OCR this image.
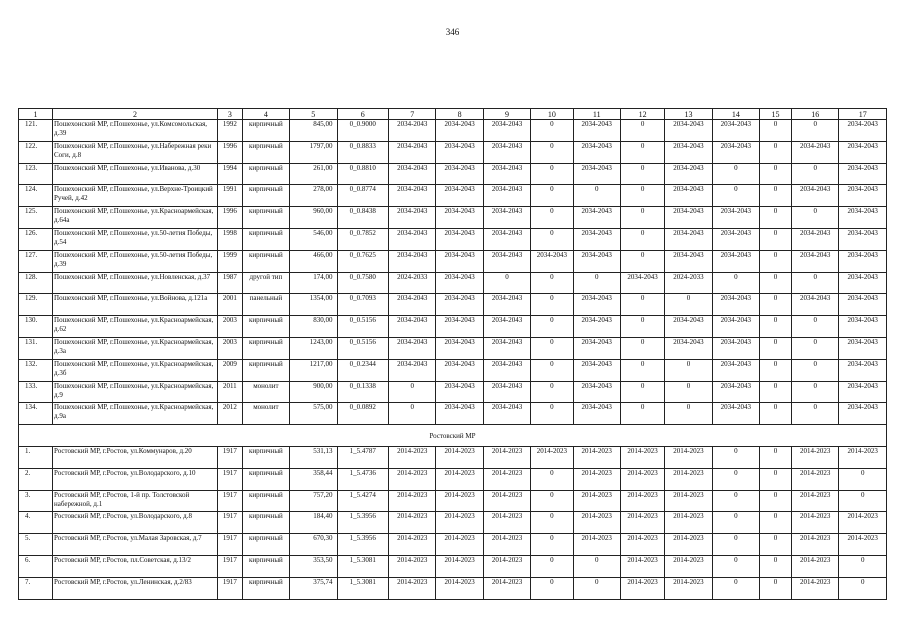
346
1	2	3	4	5	6	7	8	9	10	11	12	13	14	15	16	17
121.	Пошехонский МР, г.Пошехонье, ул.Комсомольская, д.39	1992	кирпичный	845,00	0_0.9000	2034-2043	2034-2043	2034-2043	0	2034-2043	0	2034-2043	2034-2043	0	0	2034-2043
122.	Пошехонский МР, г.Пошехонье, ул.Набережная реки Соги, д.8	1996	кирпичный	1797,00	0_0.8833	2034-2043	2034-2043	2034-2043	0	2034-2043	0	2034-2043	2034-2043	0	2034-2043	2034-2043
123.	Пошехонский МР, г.Пошехонье, ул.Иванова, д.30	1994	кирпичный	261,00	0_0.8810	2034-2043	2034-2043	2034-2043	0	2034-2043	0	2034-2043	0	0	0	2034-2043
124.	Пошехонский МР, г.Пошехонье, ул.Верхне-Троицкий Ручей, д.42	1991	кирпичный	278,00	0_0.8774	2034-2043	2034-2043	2034-2043	0	0	0	2034-2043	0	0	2034-2043	2034-2043
125.	Пошехонский МР, г.Пошехонье, ул.Красноармейская, д.64а	1996	кирпичный	960,00	0_0.8438	2034-2043	2034-2043	2034-2043	0	2034-2043	0	2034-2043	2034-2043	0	0	2034-2043
126.	Пошехонский МР, г.Пошехонье, ул.50-летия Победы, д.54	1998	кирпичный	546,00	0_0.7852	2034-2043	2034-2043	2034-2043	0	2034-2043	0	2034-2043	2034-2043	0	2034-2043	2034-2043
127.	Пошехонский МР, г.Пошехонье, ул.50-летия Победы, д.39	1999	кирпичный	466,00	0_0.7625	2034-2043	2034-2043	2034-2043	2034-2043	2034-2043	0	2034-2043	2034-2043	0	2034-2043	2034-2043
128.	Пошехонский МР, г.Пошехонье, ул.Новленская, д.37	1987	другой тип	174,00	0_0.7580	2024-2033	2034-2043	0	0	0	2034-2043	2024-2033	0	0	0	2034-2043
129.	Пошехонский МР, г.Пошехонье, ул.Войнова, д.121а	2001	панельный	1354,00	0_0.7093	2034-2043	2034-2043	2034-2043	0	2034-2043	0	0	2034-2043	0	2034-2043	2034-2043
130.	Пошехонский МР, г.Пошехонье, ул.Красноармейская, д.62	2003	кирпичный	830,00	0_0.5156	2034-2043	2034-2043	2034-2043	0	2034-2043	0	2034-2043	2034-2043	0	0	2034-2043
131.	Пошехонский МР, г.Пошехонье, ул.Красноармейская, д.3а	2003	кирпичный	1243,00	0_0.5156	2034-2043	2034-2043	2034-2043	0	2034-2043	0	2034-2043	2034-2043	0	0	2034-2043
132.	Пошехонский МР, г.Пошехонье, ул.Красноармейская, д.3б	2009	кирпичный	1217,00	0_0.2344	2034-2043	2034-2043	2034-2043	0	2034-2043	0	0	2034-2043	0	0	2034-2043
133.	Пошехонский МР, г.Пошехонье, ул.Красноармейская, д.9	2011	монолит	900,00	0_0.1338	0	2034-2043	2034-2043	0	2034-2043	0	0	2034-2043	0	0	2034-2043
134.	Пошехонский МР, г.Пошехонье, ул.Красноармейская, д.9а	2012	монолит	575,00	0_0.0892	0	2034-2043	2034-2043	0	2034-2043	0	0	2034-2043	0	0	2034-2043
Ростовский МР																
1.	Ростовский МР, г.Ростов, ул.Коммунаров, д.20	1917	кирпичный	531,13	1_5.4787	2014-2023	2014-2023	2014-2023	2014-2023	2014-2023	2014-2023	2014-2023	0	0	2014-2023	2014-2023
2.	Ростовский МР, г.Ростов, ул.Володарского, д.10	1917	кирпичный	358,44	1_5.4736	2014-2023	2014-2023	2014-2023	0	2014-2023	2014-2023	2014-2023	0	0	2014-2023	0
3.	Ростовский МР, г.Ростов, 1-й пр. Толстовской набережной, д.1	1917	кирпичный	757,20	1_5.4274	2014-2023	2014-2023	2014-2023	0	2014-2023	2014-2023	2014-2023	0	0	2014-2023	0
4.	Ростовский МР, г.Ростов, ул.Володарского, д.8	1917	кирпичный	184,40	1_5.3956	2014-2023	2014-2023	2014-2023	0	2014-2023	2014-2023	2014-2023	0	0	2014-2023	2014-2023
5.	Ростовский МР, г.Ростов, ул.Малая Заровская, д.7	1917	кирпичный	670,30	1_5.3956	2014-2023	2014-2023	2014-2023	0	2014-2023	2014-2023	2014-2023	0	0	2014-2023	2014-2023
6.	Ростовский МР, г.Ростов, пл.Советская, д.13/2	1917	кирпичный	353,50	1_5.3081	2014-2023	2014-2023	2014-2023	0	0	2014-2023	2014-2023	0	0	2014-2023	0
7.	Ростовский МР, г.Ростов, ул.Ленинская, д.2/83	1917	кирпичный	375,74	1_5.3081	2014-2023	2014-2023	2014-2023	0	0	2014-2023	2014-2023	0	0	2014-2023	0
